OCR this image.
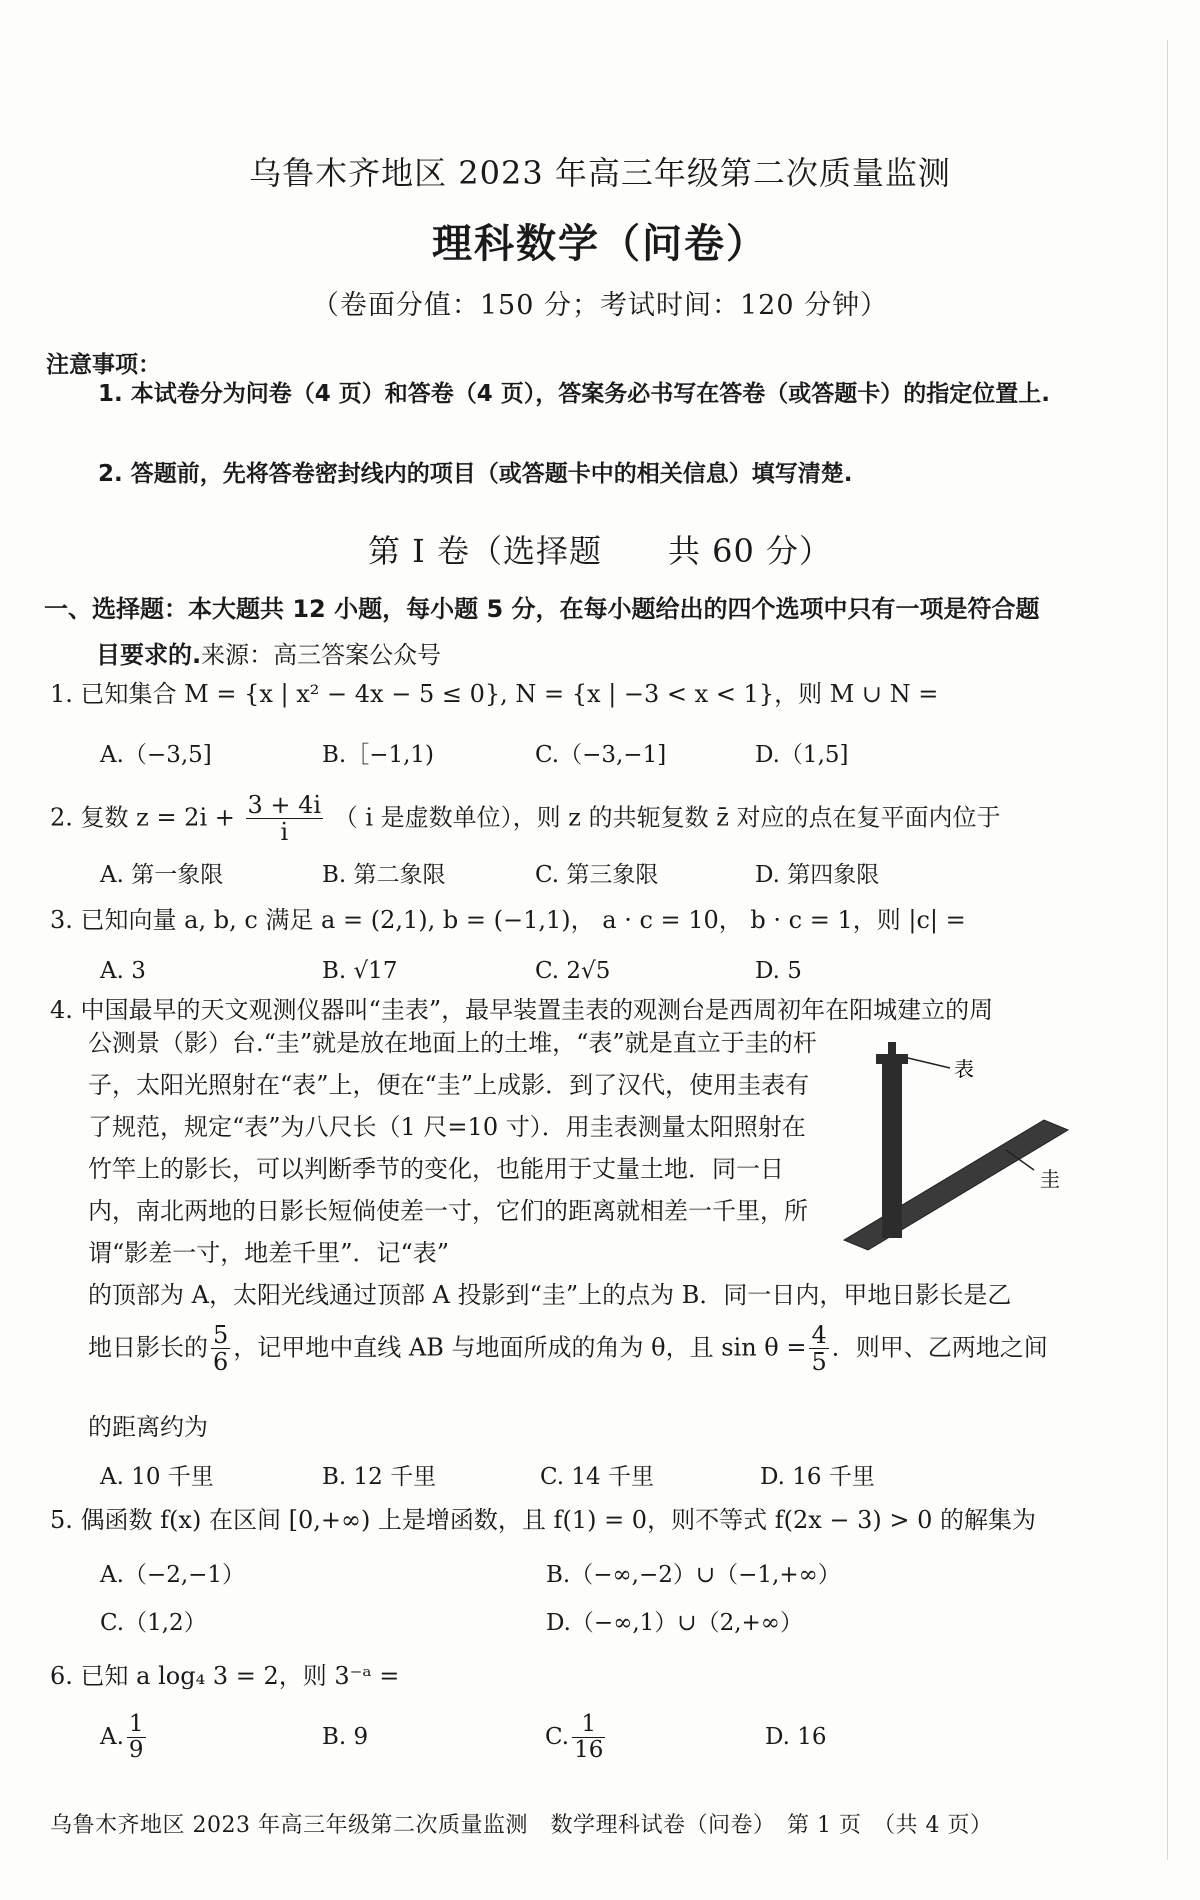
乌鲁木齐地区 2023 年高三年级第二次质量监测
理科数学（问卷）
（卷面分值：150 分；考试时间：120 分钟）
注意事项：
1. 本试卷分为问卷（4 页）和答卷（4 页），答案务必书写在答卷（或答题卡）的指定位置上.
2. 答题前，先将答卷密封线内的项目（或答题卡中的相关信息）填写清楚.
第 I 卷（选择题　　共 60 分）
一、选择题：本大题共 12 小题，每小题 5 分，在每小题给出的四个选项中只有一项是符合题
目要求的.来源：高三答案公众号
1. 已知集合 M = {x | x² − 4x − 5 ≤ 0}, N = {x | −3 < x < 1}，则 M ∪ N =
A.（−3,5]	B.［−1,1)	C.（−3,−1]	D.（1,5]
2. 复数 $z = 2i + \frac{3 + 4i}{i}$ （ i 是虚数单位），则 z 的共轭复数 z̄ 对应的点在复平面内位于
A. 第一象限	B. 第二象限	C. 第三象限	D. 第四象限
3. 已知向量 a, b, c 满足 a = (2,1), b = (−1,1)， a · c = 10， b · c = 1，则 |c| =
A. 3	B. √17	C. 2√5	D. 5
4. 中国最早的天文观测仪器叫“圭表”，最早装置圭表的观测台是西周初年在阳城建立的周
公测景（影）台.“圭”就是放在地面上的土堆，“表”就是直立于圭的杆子，太阳光照射在“表”上，便在“圭”上成影．到了汉代，使用圭表有了规范，规定“表”为八尺长（1 尺=10 寸）．用圭表测量太阳照射在竹竿上的影长，可以判断季节的变化，也能用于丈量土地．同一日内，南北两地的日影长短倘使差一寸，它们的距离就相差一千里，所谓“影差一寸，地差千里”．记“表”
表
圭
的顶部为 A，太阳光线通过顶部 A 投影到“圭”上的点为 B．同一日内，甲地日影长是乙
地日影长的 $\frac{5}{6}$ ，记甲地中直线 AB 与地面所成的角为 θ，且 $\sin \theta = \frac{4}{5}$ ．则甲、乙两地之间
的距离约为
A. 10 千里	B. 12 千里	C. 14 千里	D. 16 千里
5. 偶函数 f(x) 在区间 [0,+∞) 上是增函数，且 f(1) = 0，则不等式 f(2x − 3) > 0 的解集为
A.（−2,−1）	B.（−∞,−2）∪（−1,+∞）
C.（1,2）	D.（−∞,1）∪（2,+∞）
6. 已知 a log₄ 3 = 2，则 3⁻ᵃ =
A. $\frac{1}{9}$	B. 9	C. $\frac{1}{16}$	D. 16
乌鲁木齐地区 2023 年高三年级第二次质量监测　数学理科试卷（问卷）　第 1 页　（共 4 页）
